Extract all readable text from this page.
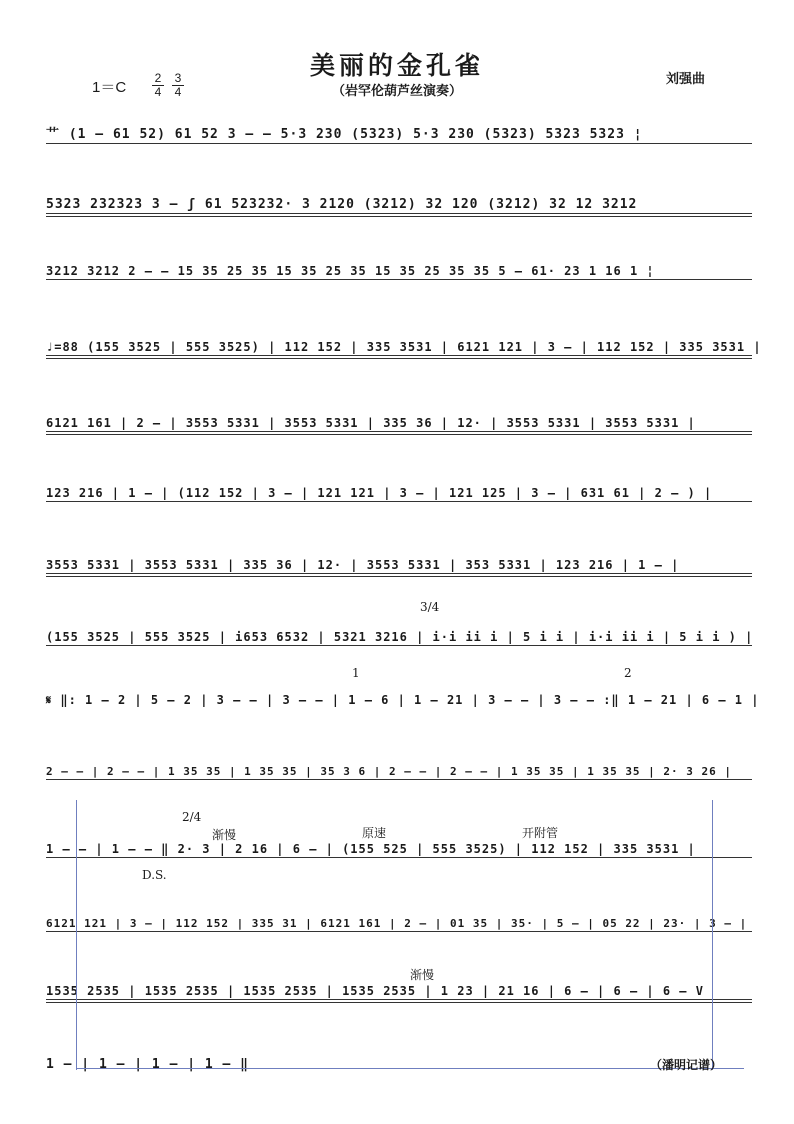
美丽的金孔雀
（岩罕伦葫芦丝演奏）
1＝C
2
4
3
4
刘强曲
艹 (1 – 61 52) 61 52 3 – – 5·3 230 (5323) 5·3 230 (5323) 5323 5323 ¦
5323 232323 3 – ʃ 61 523232· 3 2120 (3212) 32 120 (3212) 32 12 3212
3212 3212 2 – – 15 35 25 35 15 35 25 35 15 35 25 35 35 5 – 61· 23 1 16 1 ¦
♩=88 (155 3525 | 555 3525) | 112 152 | 335 3531 | 6121 121 | 3 – | 112 152 | 335 3531 |
6121 161 | 2 – | 3553 5331 | 3553 5331 | 335 36 | 12· | 3553 5331 | 3553 5331 |
123 216 | 1 – | (112 152 | 3 – | 121 121 | 3 – | 121 125 | 3 – | 631 61 | 2 – ) |
3553 5331 | 3553 5331 | 335 36 | 12· | 3553 5331 | 353 5331 | 123 216 | 1 – |
(155 3525 | 555 3525 | i653 6532 | 5321 3216 | i·i ii i | 5 i i | i·i ii i | 5 i i ) |
𝄋 ‖: 1 – 2 | 5 – 2 | 3 – – | 3 – – | 1 – 6 | 1 – 21 | 3 – – | 3 – – :‖ 1 – 21 | 6 – 1 |
2 – – | 2 – – | 1 35 35 | 1 35 35 | 35 3 6 | 2 – – | 2 – – | 1 35 35 | 1 35 35 | 2· 3 26 |
1 – – | 1 – – ‖ 2· 3 | 2 16 | 6 – | (155 525 | 555 3525) | 112 152 | 335 3531 |
6121 121 | 3 – | 112 152 | 335 31 | 6121 161 | 2 – | 01 35 | 35· | 5 – | 05 22 | 23· | 3 – |
1535 2535 | 1535 2535 | 1535 2535 | 1535 2535 | 1 23 | 21 16 | 6 – | 6 – | 6 – V
1 – | 1 – | 1 – | 1 – ‖
渐慢	原速	开附管
D.S.
3/4
2/4
1	2
渐慢
（潘明记谱）
